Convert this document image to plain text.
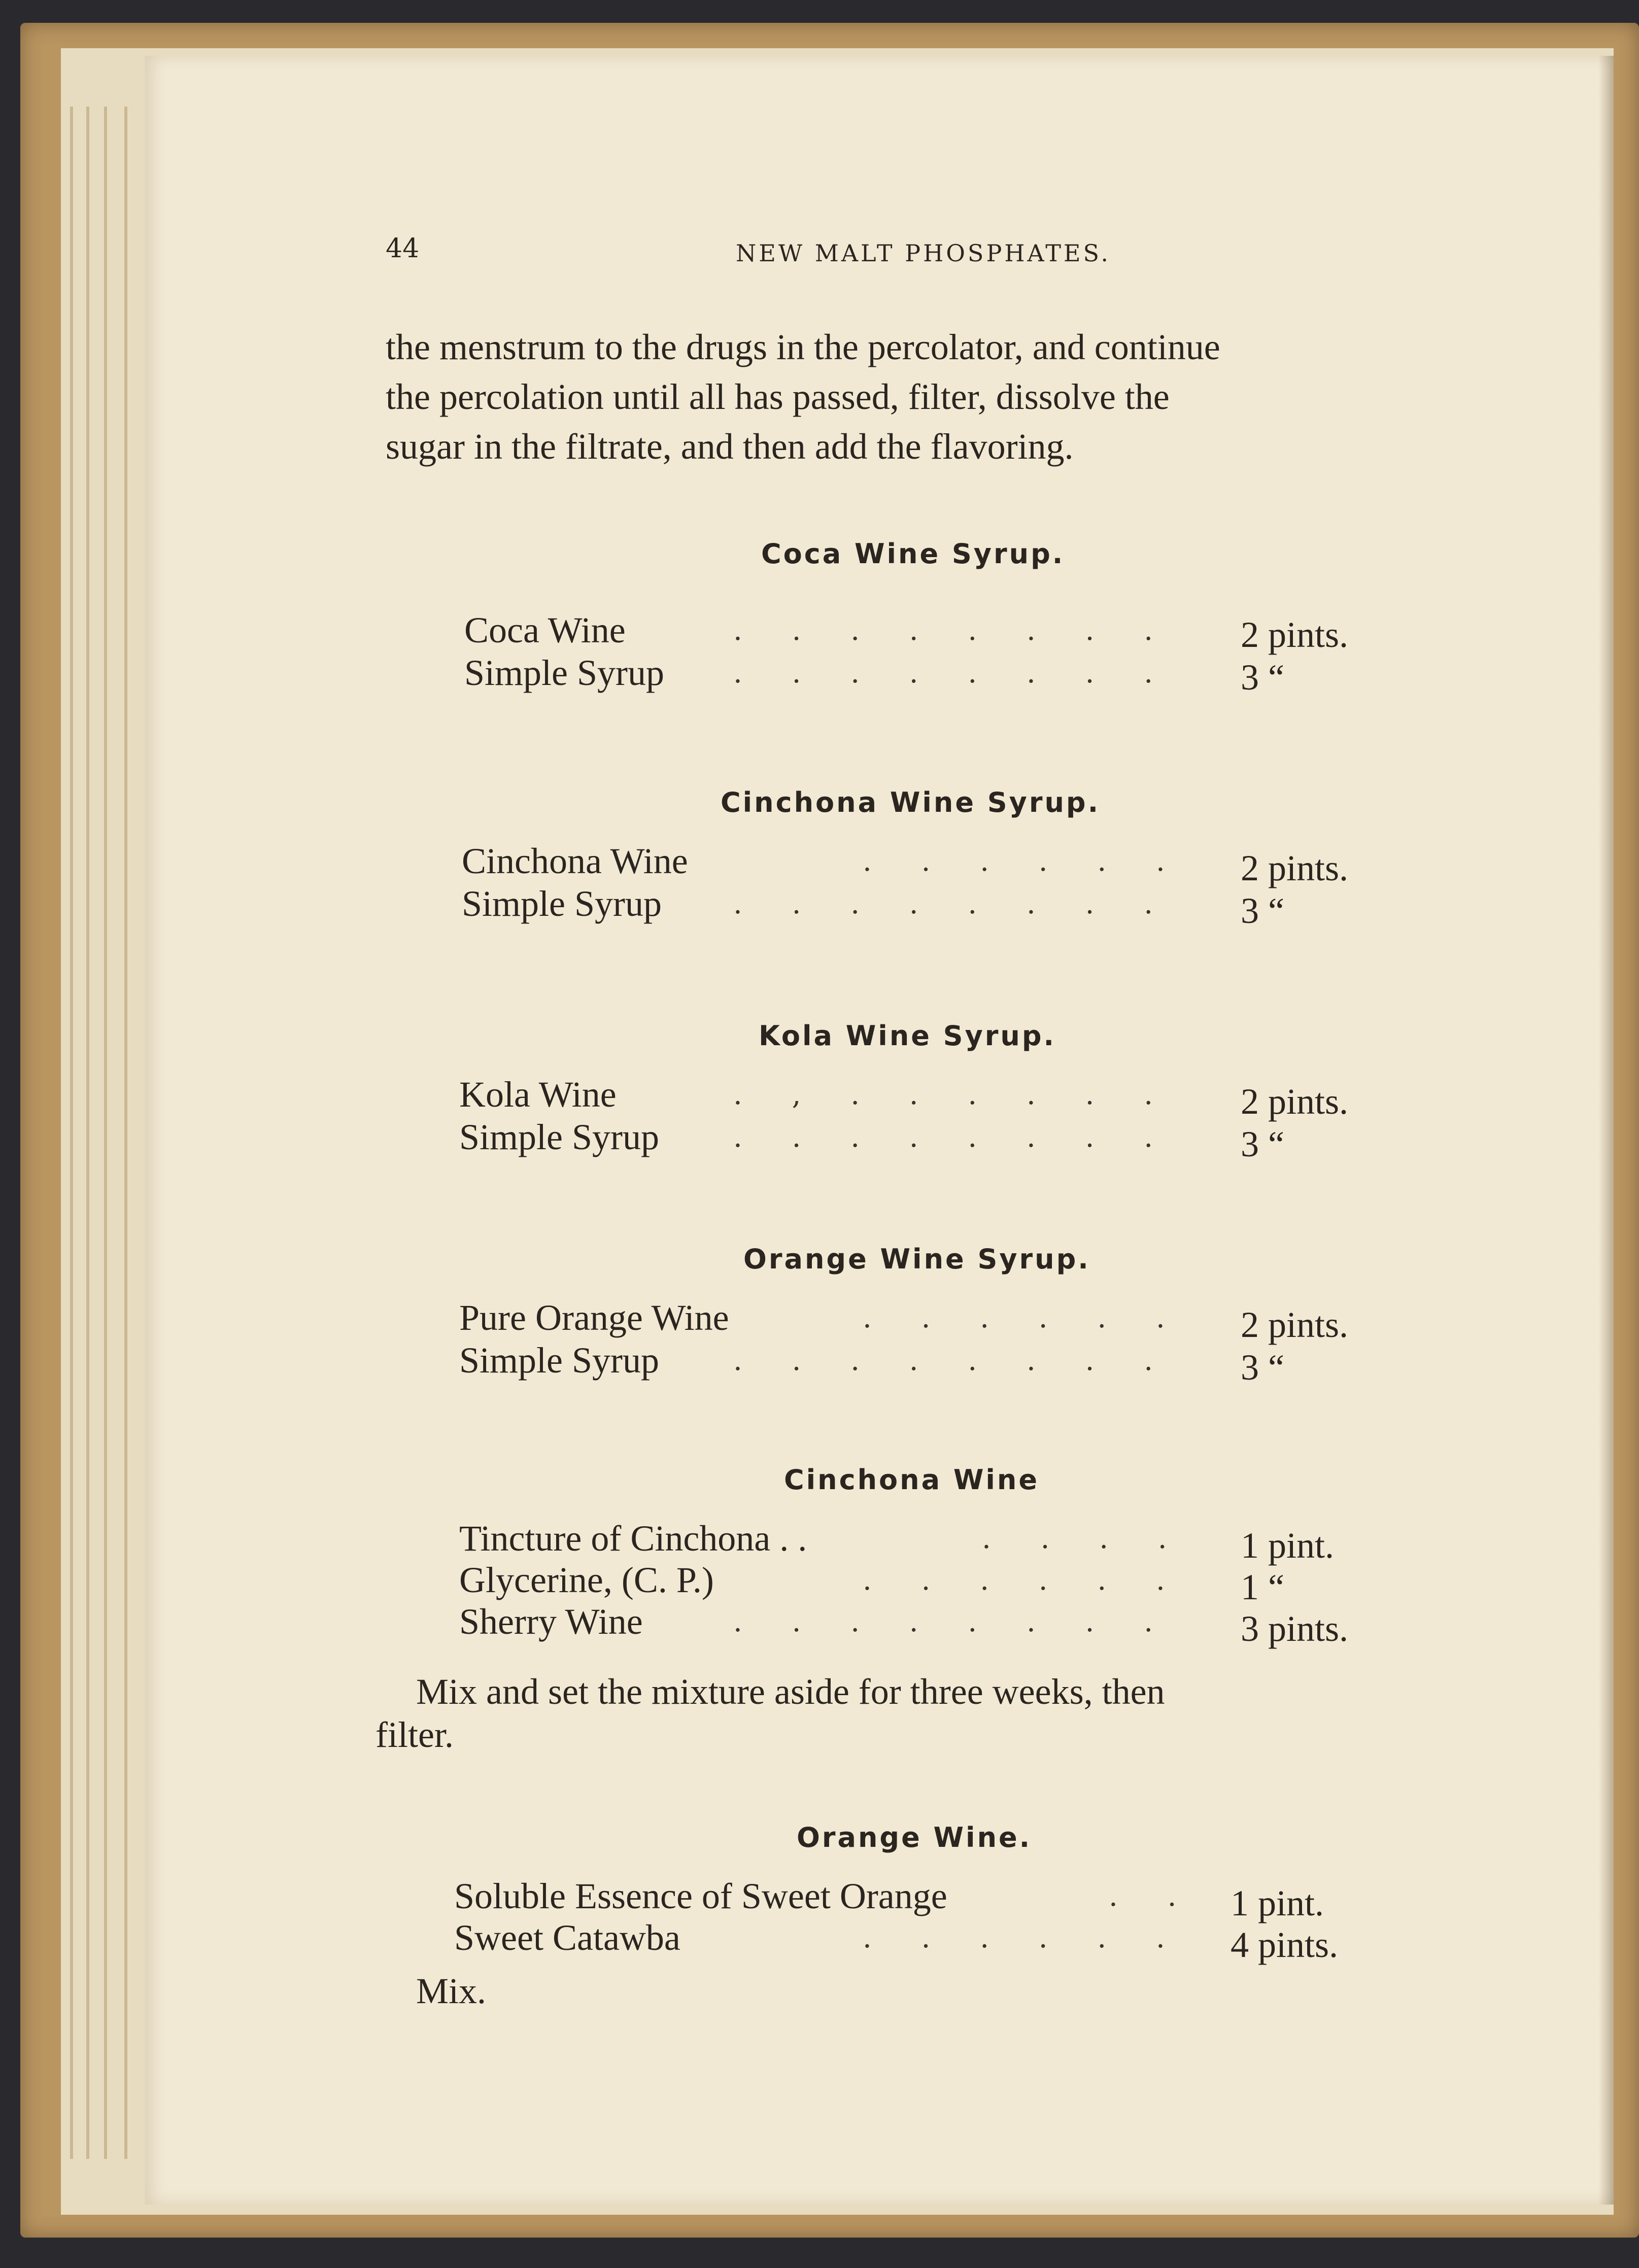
44	NEW MALT PHOSPHATES.
the menstrum to the drugs in the percolator, and continue
the percolation until all has passed, filter, dissolve the
sugar in the filtrate, and then add the flavoring.
Coca Wine Syrup.
Coca Wine	. . . . . . . . 2 pints.
Simple Syrup . . . . . . . . 3 “
Cinchona Wine Syrup.
Cinchona Wine	. . . . . . 2 pints.
Simple Syrup	. . . . . . . . 3 “
Kola Wine Syrup.
Kola Wine	. , . . . . . . 2 pints.
Simple Syrup	. . . . . . . . 3 “
Orange Wine Syrup.
Pure Orange Wine	. . . . . . 2 pints.
Simple Syrup	. . . . . . . . 3 “
Cinchona Wine
Tincture of Cinchona . .	. . . . 1 pint.
Glycerine, (C. P.)	. . . . . . 1 “
Sherry Wine	. . . . . . . . 3 pints.
Mix and set the mixture aside for three weeks, then
filter.
Orange Wine.
Soluble Essence of Sweet Orange	. . 1 pint.
Sweet Catawba	. . . . . . 4 pints.
Mix.
